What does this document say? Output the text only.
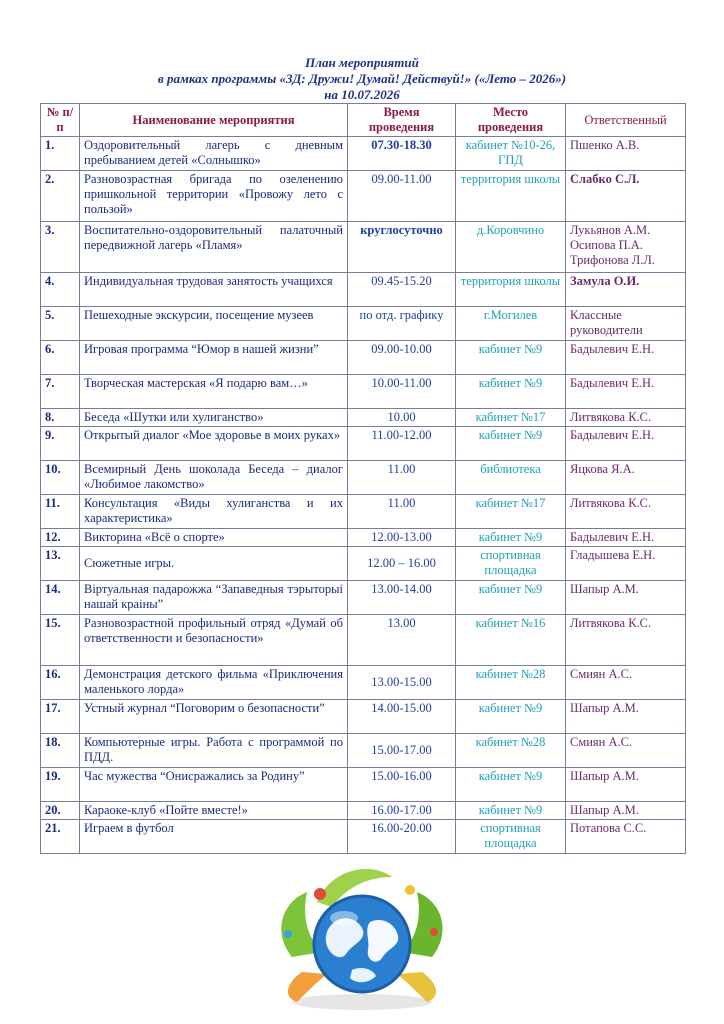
План мероприятий
в рамках программы «3Д: Дружи! Думай! Действуй!» («Лето – 2026»)
на 10.07.2026
№ п/п	Наименование мероприятия	Время проведения	Место проведения	Ответственный
1.	Оздоровительный лагерь с дневным пребыванием детей «Солнышко»	07.30-18.30	кабинет №10-26, ГПД	Пшенко А.В.
2.	Разновозрастная бригада по озеленению пришкольной территории «Провожу лето с пользой»	09.00-11.00	территория школы	Слабко С.Л.
3.	Воспитательно-оздоровительный палаточный передвижной лагерь «Пламя»	круглосуточно	д.Коровчино	Лукьянов А.М. Осипова П.А. Трифонова Л.Л.
4.	Индивидуальная трудовая занятость учащихся	09.45-15.20	территория школы	Замула О.И.
5.	Пешеходные экскурсии, посещение музеев	по отд. графику	г.Могилев	Классные руководители
6.	Игровая программа “Юмор в нашей жизни”	09.00-10.00	кабинет №9	Бадылевич Е.Н.
7.	Творческая мастерская «Я подарю вам…»	10.00-11.00	кабинет №9	Бадылевич Е.Н.
8.	Беседа «Шутки или хулиганство»	10.00	кабинет №17	Литвякова К.С.
9.	Открытый диалог «Мое здоровье в моих руках»	11.00-12.00	кабинет №9	Бадылевич Е.Н.
10.	Всемирный День шоколада Беседа – диалог «Любимое лакомство»	11.00	библиотека	Яцкова Я.А.
11.	Консультация «Виды хулиганства и их характеристика»	11.00	кабинет №17	Литвякова К.С.
12.	Викторина «Всё о спорте»	12.00-13.00	кабинет №9	Бадылевич Е.Н.
13.	Сюжетные игры.	12.00 – 16.00	спортивная площадка	Гладышева Е.Н.
14.	Віртуальная падарожжа “Запаведныя тэрыторыі нашай краіны”	13.00-14.00	кабинет №9	Шапыр А.М.
15.	Разновозрастной профильный отряд «Думай об ответственности и безопасности»	13.00	кабинет №16	Литвякова К.С.
16.	Демонстрация детского фильма «Приключения маленького лорда»	13.00-15.00	кабинет №28	Смиян А.С.
17.	Устный журнал “Поговорим о безопасности”	14.00-15.00	кабинет №9	Шапыр А.М.
18.	Компьютерные игры. Работа с программой по ПДД.	15.00-17.00	кабинет №28	Смиян А.С.
19.	Час мужества “Онисражались за Родину”	15.00-16.00	кабинет №9	Шапыр А.М.
20.	Караоке-клуб «Пойте вместе!»	16.00-17.00	кабинет №9	Шапыр А.М.
21.	Играем в футбол	16.00-20.00	спортивная площадка	Потапова С.С.
